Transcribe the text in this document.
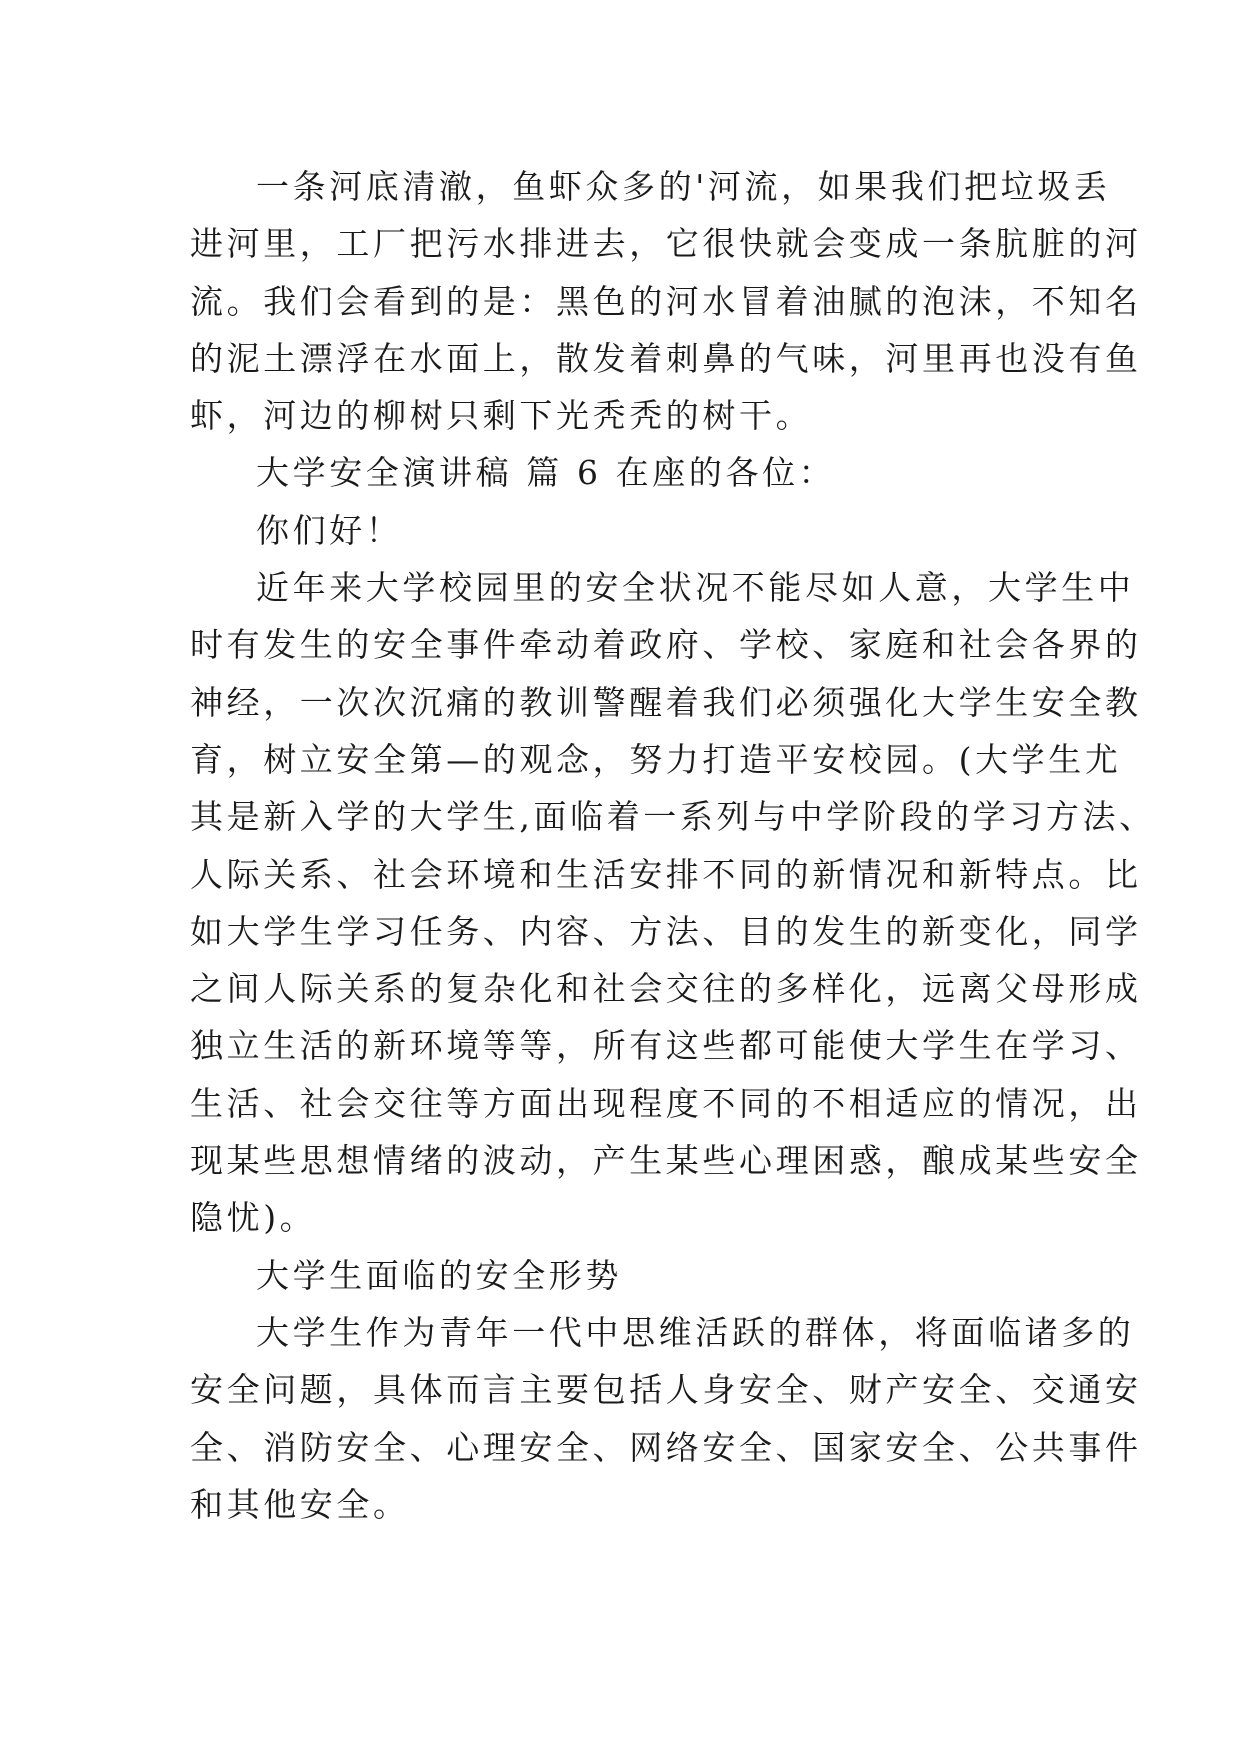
一条河底清澈，鱼虾众多的'河流，如果我们把垃圾丢
进河里，工厂把污水排进去，它很快就会变成一条肮脏的河
流。我们会看到的是：黑色的河水冒着油腻的泡沫，不知名
的泥土漂浮在水面上，散发着刺鼻的气味，河里再也没有鱼
虾，河边的柳树只剩下光秃秃的树干。
大学安全演讲稿 篇 6 在座的各位：
你们好！
近年来大学校园里的安全状况不能尽如人意，大学生中
时有发生的安全事件牵动着政府、学校、家庭和社会各界的
神经，一次次沉痛的教训警醒着我们必须强化大学生安全教
育，树立安全第—的观念，努力打造平安校园。(大学生尤
其是新入学的大学生,面临着一系列与中学阶段的学习方法、
人际关系、社会环境和生活安排不同的新情况和新特点。比
如大学生学习任务、内容、方法、目的发生的新变化，同学
之间人际关系的复杂化和社会交往的多样化，远离父母形成
独立生活的新环境等等，所有这些都可能使大学生在学习、
生活、社会交往等方面出现程度不同的不相适应的情况，出
现某些思想情绪的波动，产生某些心理困惑，酿成某些安全
隐忧)。
大学生面临的安全形势
大学生作为青年一代中思维活跃的群体，将面临诸多的
安全问题，具体而言主要包括人身安全、财产安全、交通安
全、消防安全、心理安全、网络安全、国家安全、公共事件
和其他安全。
